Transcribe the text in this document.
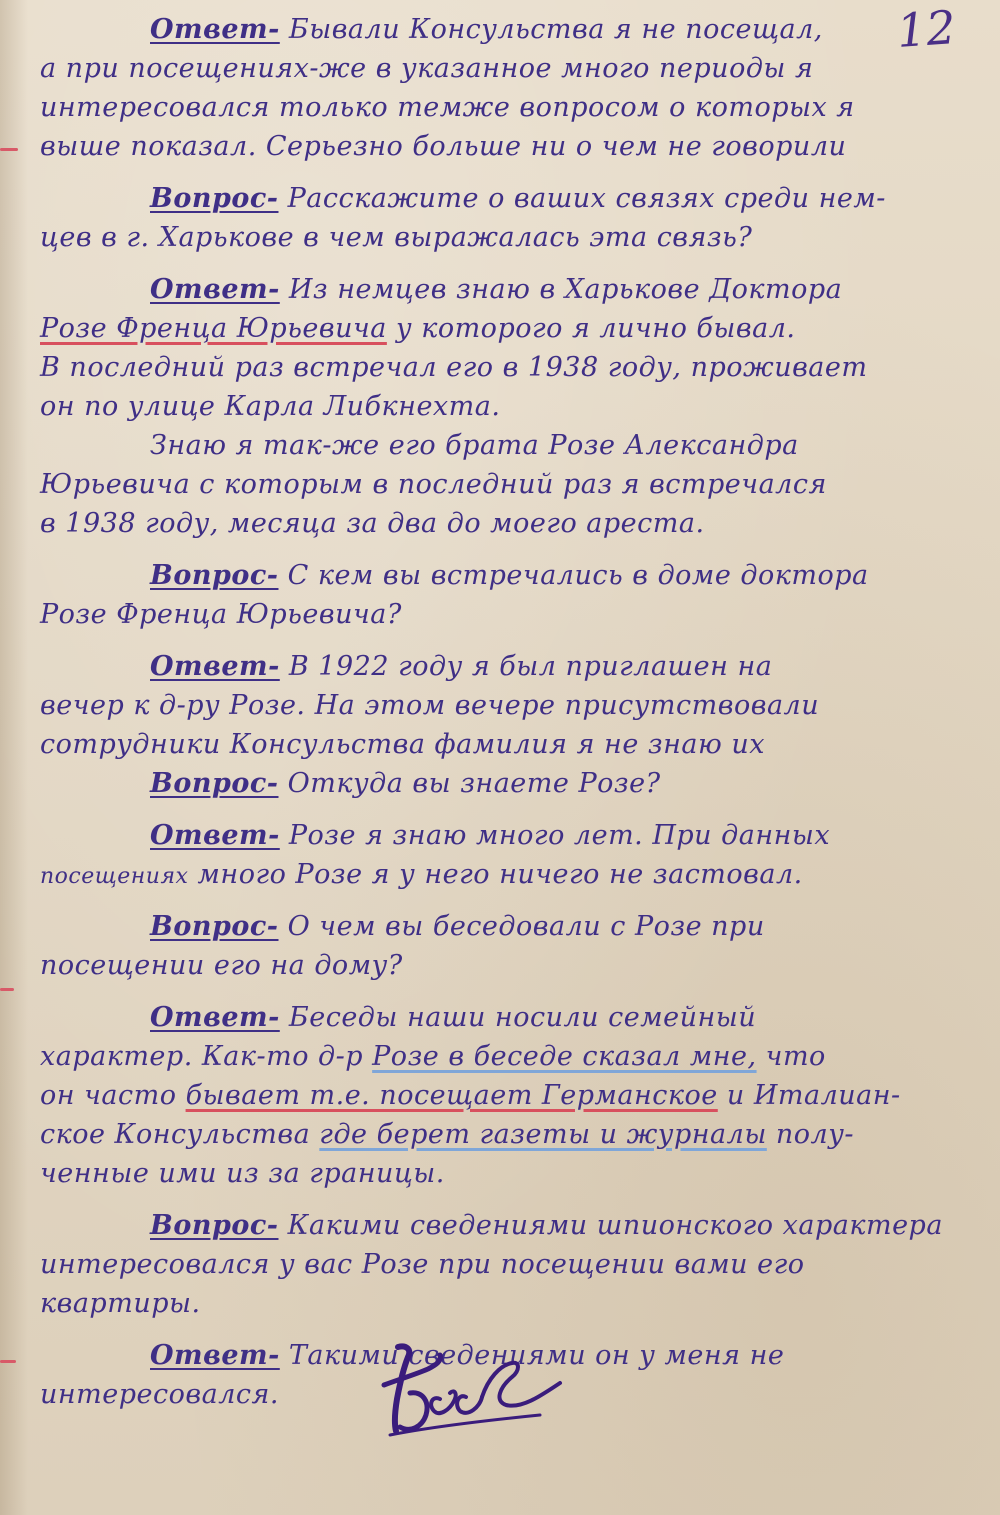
12
Ответ- Бывали Консульства я не посещал,
а при посещениях-же в указанное много периоды я
интересовался только темже вопросом о которых я
выше показал. Серьезно больше ни о чем не говорили
Вопрос- Расскажите о ваших связях среди нем-
цев в г. Харькове в чем выражалась эта связь?
Ответ- Из немцев знаю в Харькове Доктора
Розе Френца Юрьевича у которого я лично бывал.
В последний раз встречал его в 1938 году, проживает
он по улице Карла Либкнехта.
Знаю я так-же его брата Розе Александра
Юрьевича с которым в последний раз я встречался
в 1938 году, месяца за два до моего ареста.
Вопрос- С кем вы встречались в доме доктора
Розе Френца Юрьевича?
Ответ- В 1922 году я был приглашен на
вечер к д-ру Розе. На этом вечере присутствовали
сотрудники Консульства фамилия я не знаю их
Вопрос- Откуда вы знаете Розе?
Ответ- Розе я знаю много лет. При данных
посещениях много Розе я у него ничего не застовал.
Вопрос- О чем вы беседовали с Розе при
посещении его на дому?
Ответ- Беседы наши носили семейный
характер. Как-то д-р Розе в беседе сказал мне, что
он часто бывает т.е. посещает Германское и Италиан-
ское Консульства где берет газеты и журналы полу-
ченные ими из за границы.
Вопрос- Какими сведениями шпионского характера
интересовался у вас Розе при посещении вами его
квартиры.
Ответ- Такими сведениями он у меня не
интересовался.
